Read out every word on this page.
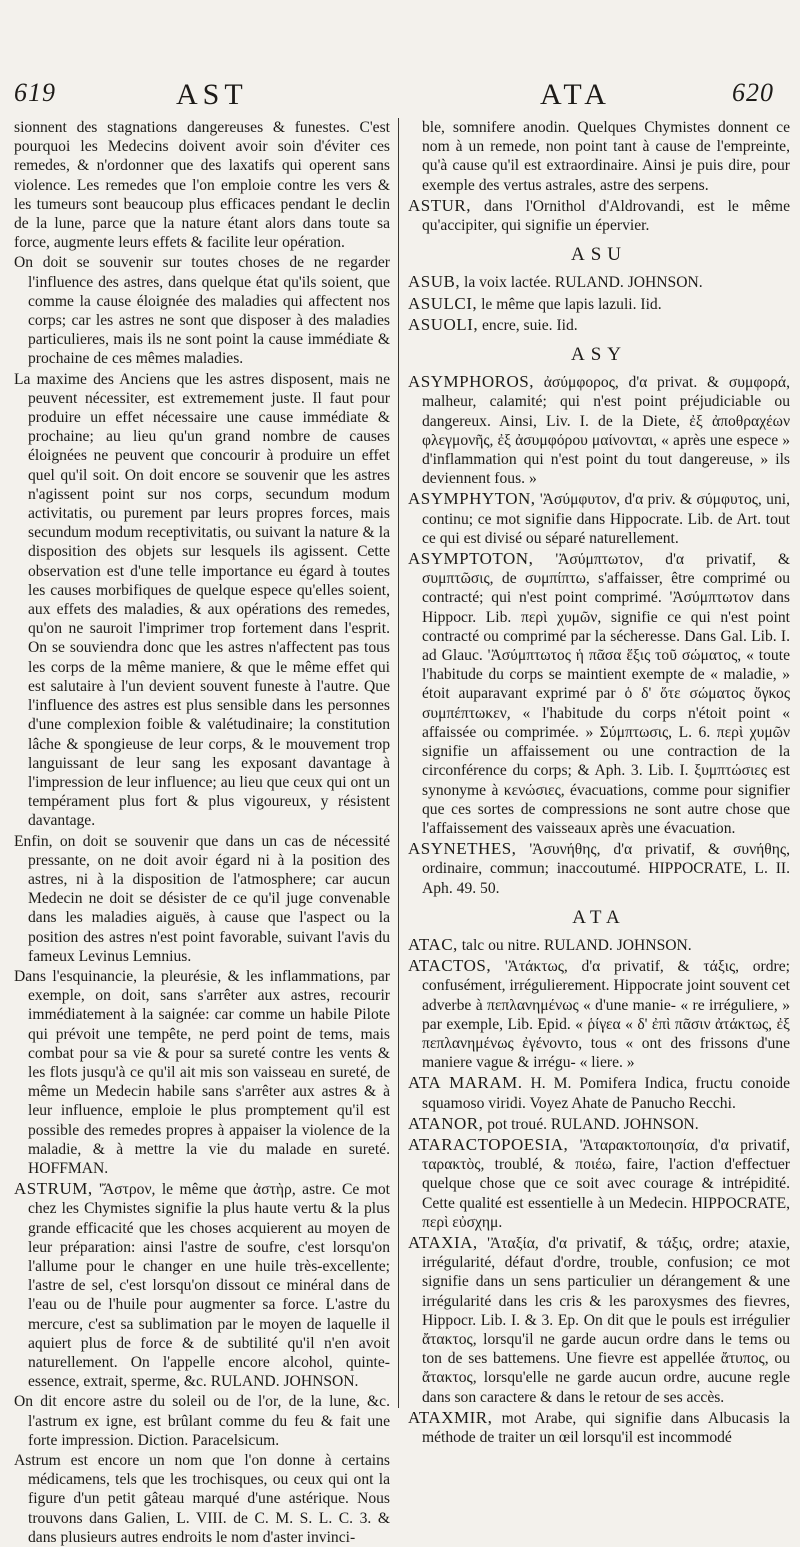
619	AST	ATA	620

sionnent des stagnations dangereuses & funestes. C'est pourquoi les Medecins doivent avoir soin d'éviter ces remedes, & n'ordonner que des laxatifs qui operent sans violence. Les remedes que l'on emploie contre les vers & les tumeurs sont beaucoup plus efficaces pendant le declin de la lune, parce que la nature étant alors dans toute sa force, augmente leurs effets & facilite leur opération.

On doit se souvenir sur toutes choses de ne regarder l'influence des astres, dans quelque état qu'ils soient, que comme la cause éloignée des maladies qui affectent nos corps; car les astres ne sont que disposer à des maladies particulieres, mais ils ne sont point la cause immédiate & prochaine de ces mêmes maladies.

La maxime des Anciens que les astres disposent, mais ne peuvent nécessiter, est extremement juste. Il faut pour produire un effet nécessaire une cause immédiate & prochaine; au lieu qu'un grand nombre de causes éloignées ne peuvent que concourir à produire un effet quel qu'il soit. On doit encore se souvenir que les astres n'agissent point sur nos corps, secundum modum activitatis, ou purement par leurs propres forces, mais secundum modum receptivitatis, ou suivant la nature & la disposition des objets sur lesquels ils agissent. Cette observation est d'une telle importance eu égard à toutes les causes morbifiques de quelque espece qu'elles soient, aux effets des maladies, & aux opérations des remedes, qu'on ne sauroit l'imprimer trop fortement dans l'esprit. On se souviendra donc que les astres n'affectent pas tous les corps de la même maniere, & que le même effet qui est salutaire à l'un devient souvent funeste à l'autre. Que l'influence des astres est plus sensible dans les personnes d'une complexion foible & valétudinaire; la constitution lâche & spongieuse de leur corps, & le mouvement trop languissant de leur sang les exposant davantage à l'impression de leur influence; au lieu que ceux qui ont un tempérament plus fort & plus vigoureux, y résistent davantage.

Enfin, on doit se souvenir que dans un cas de nécessité pressante, on ne doit avoir égard ni à la position des astres, ni à la disposition de l'atmosphere; car aucun Medecin ne doit se désister de ce qu'il juge convenable dans les maladies aiguës, à cause que l'aspect ou la position des astres n'est point favorable, suivant l'avis du fameux Levinus Lemnius.

Dans l'esquinancie, la pleurésie, & les inflammations, par exemple, on doit, sans s'arrêter aux astres, recourir immédiatement à la saignée: car comme un habile Pilote qui prévoit une tempête, ne perd point de tems, mais combat pour sa vie & pour sa sureté contre les vents & les flots jusqu'à ce qu'il ait mis son vaisseau en sureté, de même un Medecin habile sans s'arrêter aux astres & à leur influence, emploie le plus promptement qu'il est possible des remedes propres à appaiser la violence de la maladie, & à mettre la vie du malade en sureté. HOFFMAN.

ASTRUM, 'Ἄστρον, le même que ἀστὴρ, astre. Ce mot chez les Chymistes signifie la plus haute vertu & la plus grande efficacité que les choses acquierent au moyen de leur préparation: ainsi l'astre de soufre, c'est lorsqu'on l'allume pour le changer en une huile très-excellente; l'astre de sel, c'est lorsqu'on dissout ce minéral dans de l'eau ou de l'huile pour augmenter sa force. L'astre du mercure, c'est sa sublimation par le moyen de laquelle il aquiert plus de force & de subtilité qu'il n'en avoit naturellement. On l'appelle encore alcohol, quinte-essence, extrait, sperme, &c. RULAND. JOHNSON.

On dit encore astre du soleil ou de l'or, de la lune, &c. l'astrum ex igne, est brûlant comme du feu & fait une forte impression. Diction. Paracelsicum.

Astrum est encore un nom que l'on donne à certains médicamens, tels que les trochisques, ou ceux qui ont la figure d'un petit gâteau marqué d'une astérique. Nous trouvons dans Galien, L. VIII. de C. M. S. L. C. 3. & dans plusieurs autres endroits le nom d'aster invinci-

ble, somnifere anodin. Quelques Chymistes donnent ce nom à un remede, non point tant à cause de l'empreinte, qu'à cause qu'il est extraordinaire. Ainsi je puis dire, pour exemple des vertus astrales, astre des serpens.

ASTUR, dans l'Ornithol d'Aldrovandi, est le même qu'accipiter, qui signifie un épervier.

ASU

ASUB, la voix lactée. RULAND. JOHNSON.

ASULCI, le même que lapis lazuli. Iid.

ASUOLI, encre, suie. Iid.

ASY

ASYMPHOROS, ἀσύμφορος, d'α privat. & συμφορά, malheur, calamité; qui n'est point préjudiciable ou dangereux. Ainsi, Liv. I. de la Diete, ἐξ ἀποθραχέων φλεγμονῆς, ἐξ ἀσυμφόρου μαίνονται, « après une espece » d'inflammation qui n'est point du tout dangereuse, » ils deviennent fous. »

ASYMPHYTON, 'Ἀσύμφυτον, d'α priv. & σύμφυτος, uni, continu; ce mot signifie dans Hippocrate. Lib. de Art. tout ce qui est divisé ou séparé naturellement.

ASYMPTOTON, 'Ἀσύμπτωτον, d'α privatif, & συμπτῶσις, de συμπίπτω, s'affaisser, être comprimé ou contracté; qui n'est point comprimé. 'Ἀσύμπτωτον dans Hippocr. Lib. περὶ χυμῶν, signifie ce qui n'est point contracté ou comprimé par la sécheresse. Dans Gal. Lib. I. ad Glauc. 'Ἀσύμπτωτος ἡ πᾶσα ἕξις τοῦ σώματος, « toute l'habitude du corps se maintient exempte de « maladie, » étoit auparavant exprimé par ὁ δ' ὅτε σώματος ὄγκος συμπέπτωκεν, « l'habitude du corps n'étoit point « affaissée ou comprimée. » Σύμπτωσις, L. 6. περὶ χυμῶν signifie un affaissement ou une contraction de la circonférence du corps; & Aph. 3. Lib. I. ξυμπτώσιες est synonyme à κενώσιες, évacuations, comme pour signifier que ces sortes de compressions ne sont autre chose que l'affaissement des vaisseaux après une évacuation.

ASYNETHES, 'Ἀσυνήθης, d'α privatif, & συνήθης, ordinaire, commun; inaccoutumé. HIPPOCRATE, L. II. Aph. 49. 50.

ATA

ATAC, talc ou nitre. RULAND. JOHNSON.

ATACTOS, 'Ἀτάκτως, d'α privatif, & τάξις, ordre; confusément, irrégulierement. Hippocrate joint souvent cet adverbe à πεπλανημένως « d'une manie- « re irréguliere, » par exemple, Lib. Epid. « ῥίγεα « δ' ἐπὶ πᾶσιν ἀτάκτως, ἐξ πεπλανημένως ἐγένοντο, tous « ont des frissons d'une maniere vague & irrégu- « liere. »

ATA MARAM. H. M. Pomifera Indica, fructu conoide squamoso viridi. Voyez Ahate de Panucho Recchi.

ATANOR, pot troué. RULAND. JOHNSON.

ATARACTOPOESIA, 'Ἀταρακτοποιησία, d'α privatif, ταρακτὸς, troublé, & ποιέω, faire, l'action d'effectuer quelque chose que ce soit avec courage & intrépidité. Cette qualité est essentielle à un Medecin. HIPPOCRATE, περὶ εὐσχημ.

ATAXIA, 'Ἀταξία, d'α privatif, & τάξις, ordre; ataxie, irrégularité, défaut d'ordre, trouble, confusion; ce mot signifie dans un sens particulier un dérangement & une irrégularité dans les cris & les paroxysmes des fievres, Hippocr. Lib. I. & 3. Ep. On dit que le pouls est irrégulier ἄτακτος, lorsqu'il ne garde aucun ordre dans le tems ou ton de ses battemens. Une fievre est appellée ἄτυπος, ou ἄτακτος, lorsqu'elle ne garde aucun ordre, aucune regle dans son caractere & dans le retour de ses accès.

ATAXMIR, mot Arabe, qui signifie dans Albucasis la méthode de traiter un œil lorsqu'il est incommodé
